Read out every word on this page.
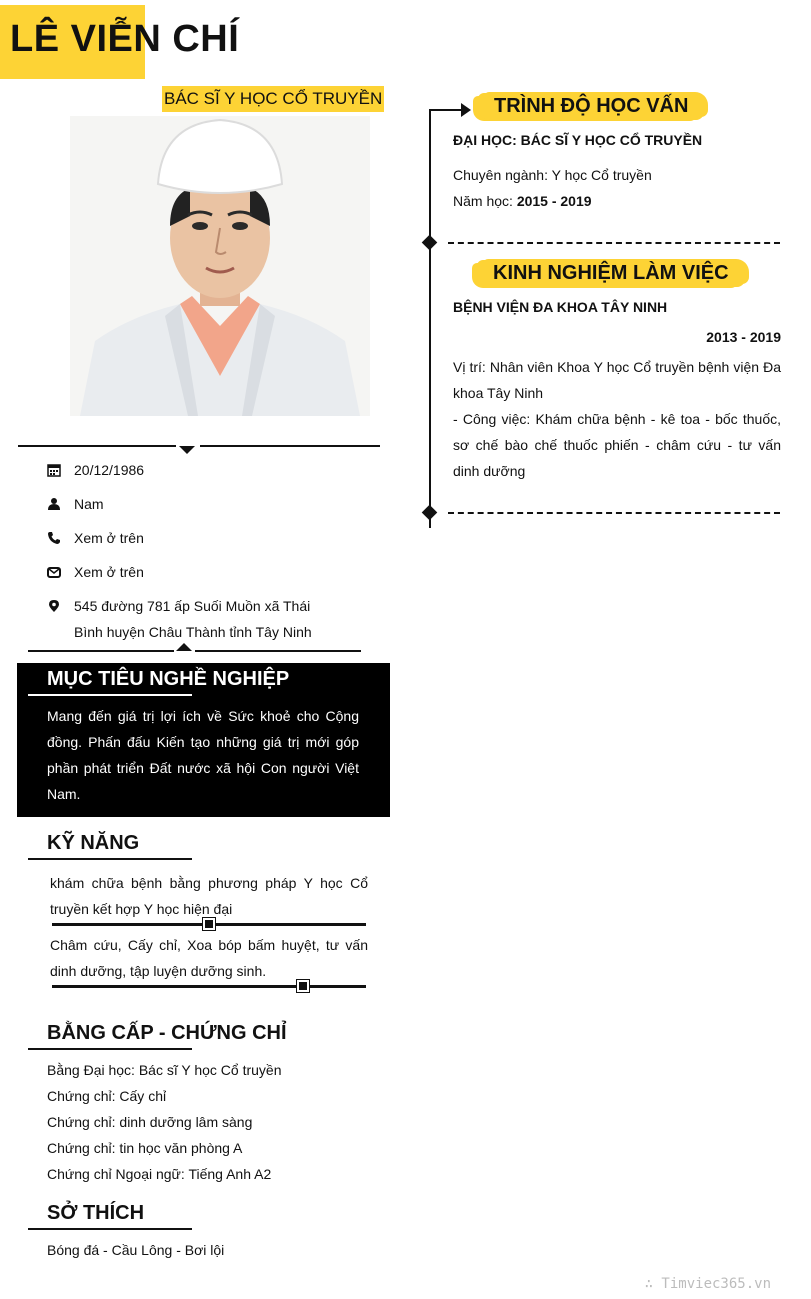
LÊ VIỄN CHÍ
BÁC SĨ Y HỌC CỔ TRUYỀN
20/12/1986
Nam
Xem ở trên
Xem ở trên
545 đường 781 ấp Suối Muồn xã Thái
Bình huyện Châu Thành tỉnh Tây Ninh
MỤC TIÊU NGHỀ NGHIỆP
Mang đến giá trị lợi ích về Sức khoẻ cho Cộng đồng. Phấn đấu Kiến tạo những giá trị mới góp phần phát triển Đất nước xã hội Con người Việt Nam.
KỸ NĂNG
khám chữa bệnh bằng phương pháp Y học Cổ truyền kết hợp Y học hiện đại
Châm cứu, Cấy chỉ, Xoa bóp bấm huyệt, tư vấn dinh dưỡng, tập luyện dưỡng sinh.
BẰNG CẤP - CHỨNG CHỈ
Bằng Đại học: Bác sĩ Y học Cổ truyền
Chứng chỉ: Cấy chỉ
Chứng chỉ: dinh dưỡng lâm sàng
Chứng chỉ: tin học văn phòng A
Chứng chỉ Ngoại ngữ: Tiếng Anh A2
SỞ THÍCH
Bóng đá - Cầu Lông - Bơi lội
TRÌNH ĐỘ HỌC VẤN
ĐẠI HỌC: BÁC SĨ Y HỌC CỔ TRUYỀN
Chuyên ngành: Y học Cổ truyền
Năm học: 2015 - 2019
KINH NGHIỆM LÀM VIỆC
BỆNH VIỆN ĐA KHOA TÂY NINH
2013 - 2019
Vị trí: Nhân viên Khoa Y học Cổ truyền bệnh viện Đa khoa Tây Ninh
- Công việc: Khám chữa bệnh - kê toa - bốc thuốc, sơ chế bào chế thuốc phiến - châm cứu - tư vấn dinh dưỡng
∴ Timviec365.vn
